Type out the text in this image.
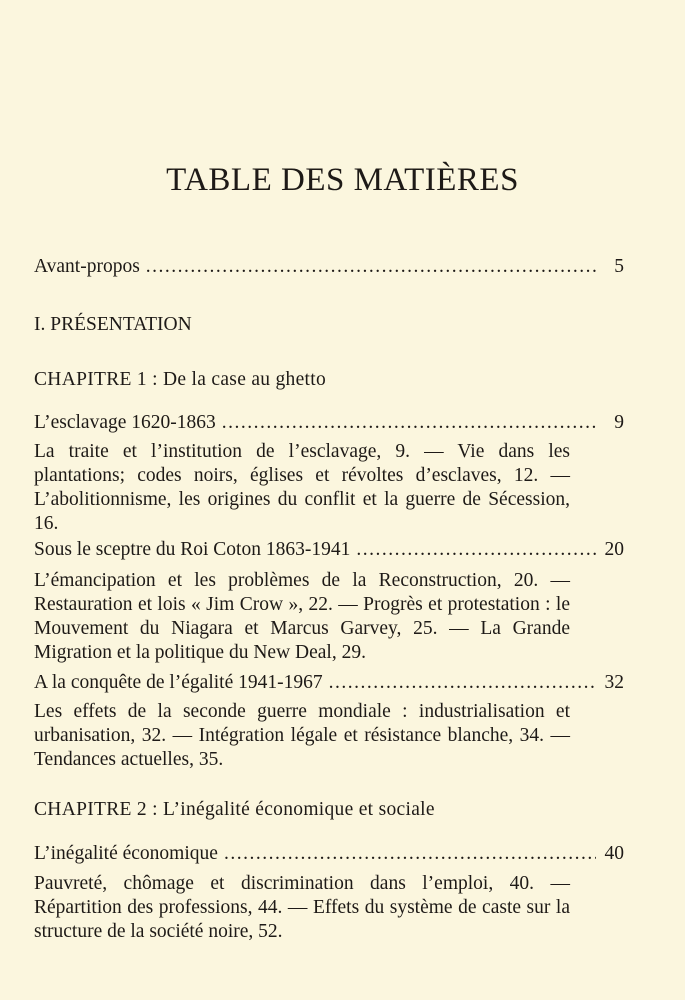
TABLE DES MATIÈRES
Avant-propos .....	5
I. PRÉSENTATION
CHAPITRE 1 : De la case au ghetto
L’esclavage 1620-1863 .....	9
La traite et l’institution de l’esclavage, 9. — Vie dans les plantations; codes noirs, églises et révoltes d’esclaves, 12. — L’abolitionnisme, les origines du conflit et la guerre de Sécession, 16.
Sous le sceptre du Roi Coton 1863-1941 .....	20
L’émancipation et les problèmes de la Reconstruction, 20. — Restauration et lois « Jim Crow », 22. — Progrès et protestation : le Mouvement du Niagara et Marcus Garvey, 25. — La Grande Migration et la politique du New Deal, 29.
A la conquête de l’égalité 1941-1967 .....	32
Les effets de la seconde guerre mondiale : industrialisation et urbanisation, 32. — Intégration légale et résistance blanche, 34. — Tendances actuelles, 35.
CHAPITRE 2 : L’inégalité économique et sociale
L’inégalité économique .....	40
Pauvreté, chômage et discrimination dans l’emploi, 40. — Répartition des professions, 44. — Effets du système de caste sur la structure de la société noire, 52.
